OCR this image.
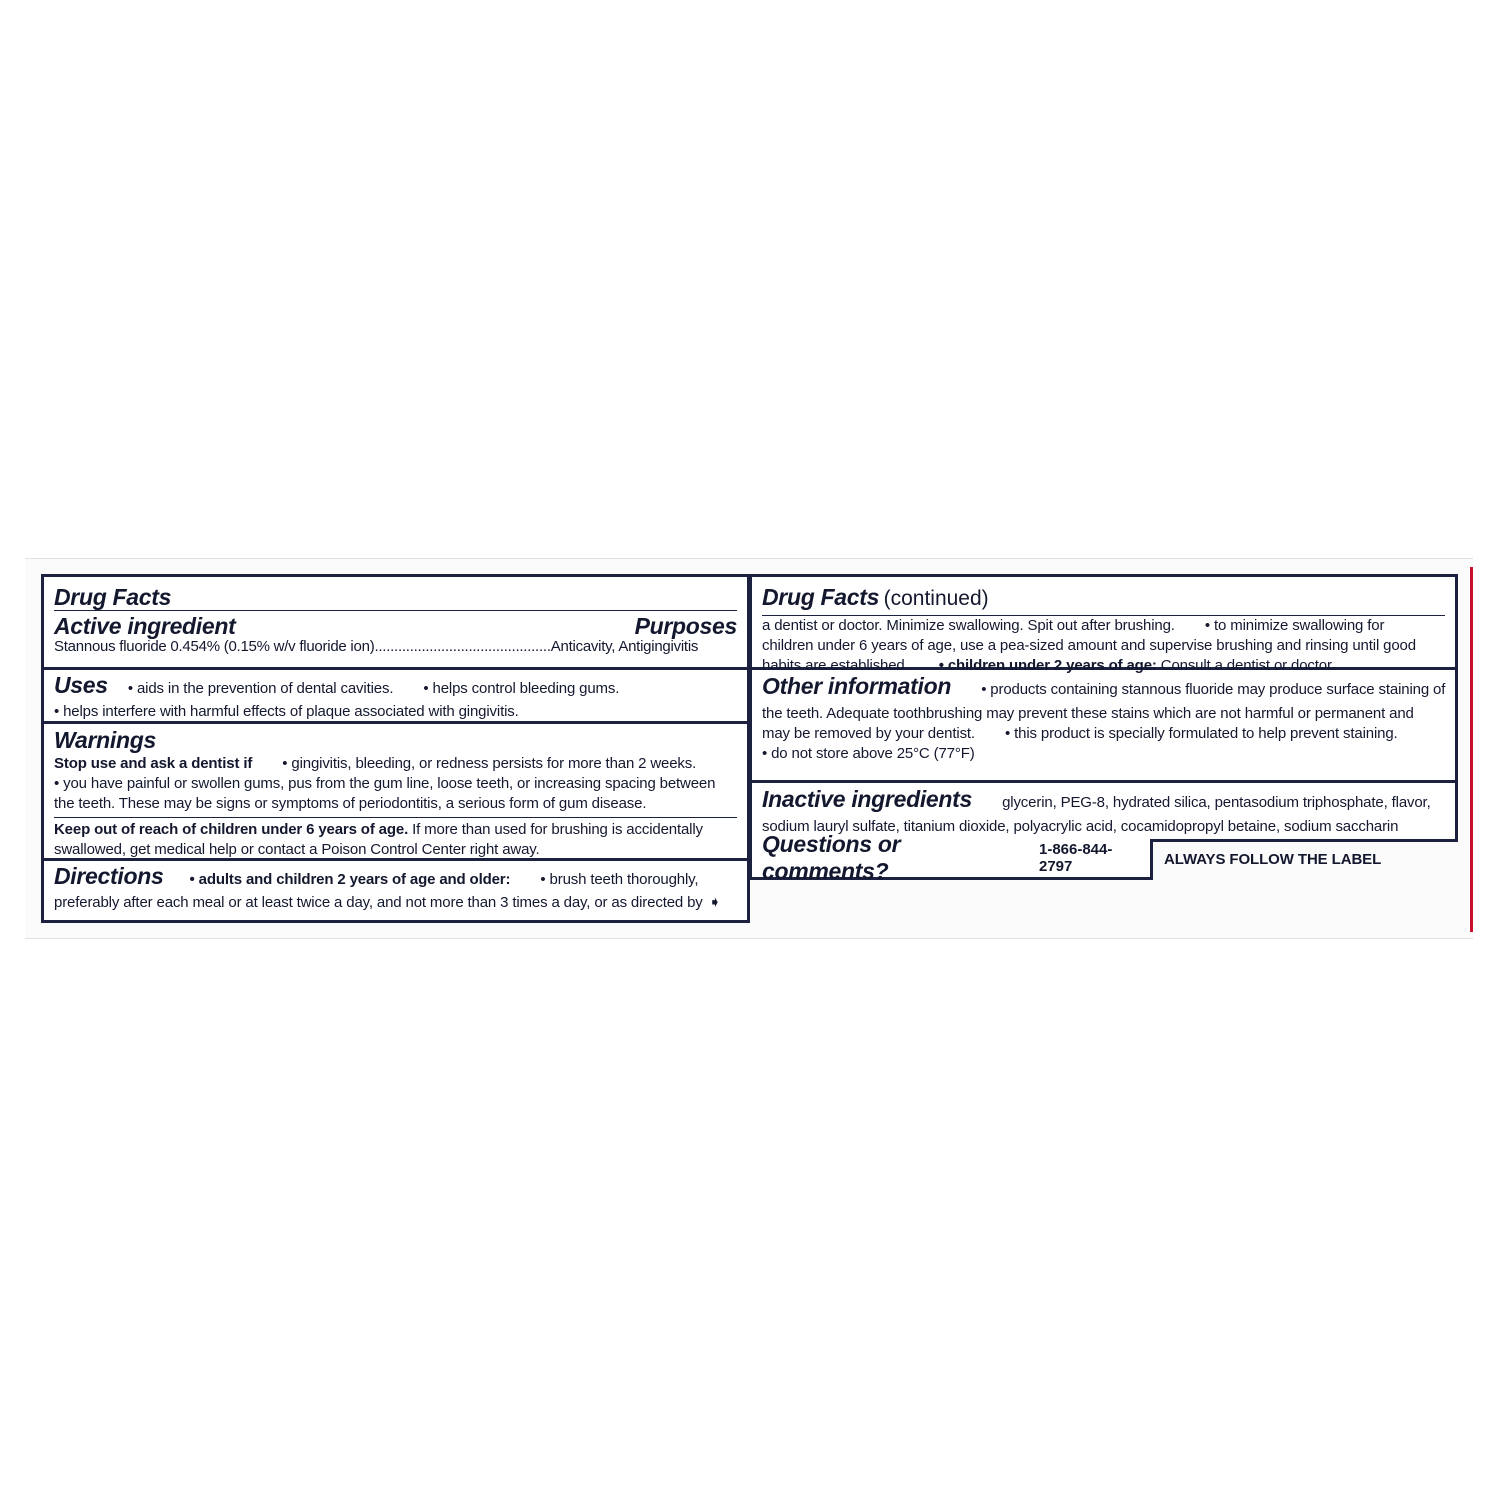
Drug Facts
Active ingredient	Purposes
Stannous fluoride 0.454% (0.15% w/v fluoride ion).............................................Anticavity, Antigingivitis
Uses • aids in the prevention of dental cavities. • helps control bleeding gums.
• helps interfere with harmful effects of plaque associated with gingivitis.
Warnings
Stop use and ask a dentist if • gingivitis, bleeding, or redness persists for more than 2 weeks.
• you have painful or swollen gums, pus from the gum line, loose teeth, or increasing spacing between
the teeth. These may be signs or symptoms of periodontitis, a serious form of gum disease.
Keep out of reach of children under 6 years of age. If more than used for brushing is accidentally
swallowed, get medical help or contact a Poison Control Center right away.
Directions • adults and children 2 years of age and older: • brush teeth thoroughly,
preferably after each meal or at least twice a day, and not more than 3 times a day, or as directed by ➧
Drug Facts (continued)
a dentist or doctor. Minimize swallowing. Spit out after brushing. • to minimize swallowing for
children under 6 years of age, use a pea-sized amount and supervise brushing and rinsing until good
habits are established. • children under 2 years of age: Consult a dentist or doctor.
Other information • products containing stannous fluoride may produce surface staining of
the teeth. Adequate toothbrushing may prevent these stains which are not harmful or permanent and
may be removed by your dentist. • this product is specially formulated to help prevent staining.
• do not store above 25°C (77°F)
Inactive ingredients glycerin, PEG-8, hydrated silica, pentasodium triphosphate, flavor,
sodium lauryl sulfate, titanium dioxide, polyacrylic acid, cocamidopropyl betaine, sodium saccharin
Questions or comments?
1-866-844-2797	ALWAYS FOLLOW THE LABEL
